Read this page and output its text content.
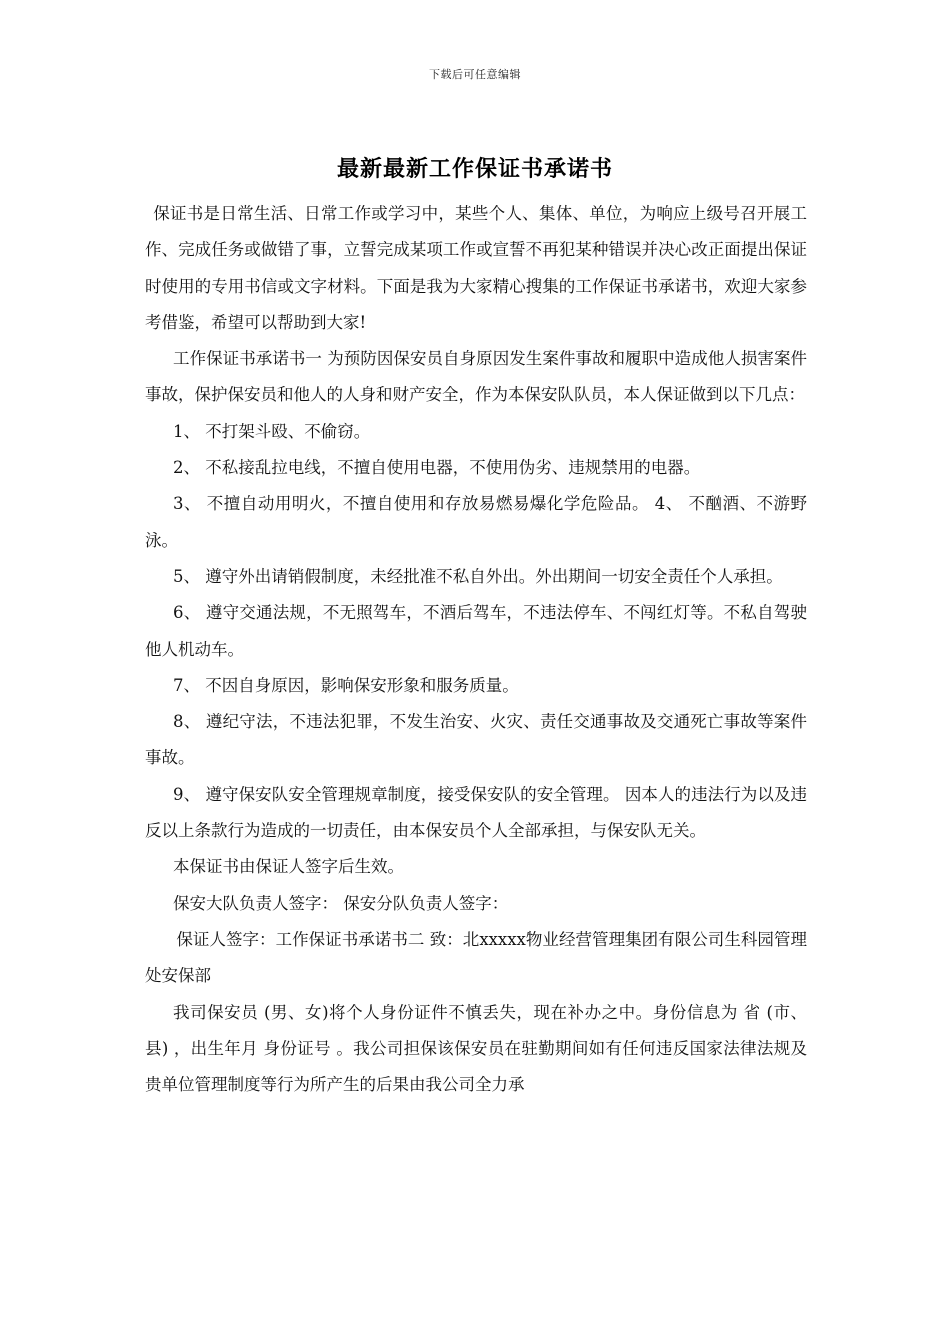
下载后可任意编辑
最新最新工作保证书承诺书

保证书是日常生活、日常工作或学习中，某些个人、集体、单位，为响应上级号召开展工作、完成任务或做错了事，立誓完成某项工作或宣誓不再犯某种错误并决心改正面提出保证时使用的专用书信或文字材料。下面是我为大家精心搜集的工作保证书承诺书，欢迎大家参考借鉴，希望可以帮助到大家!

工作保证书承诺书一 为预防因保安员自身原因发生案件事故和履职中造成他人损害案件事故，保护保安员和他人的人身和财产安全，作为本保安队队员，本人保证做到以下几点：

1、 不打架斗殴、不偷窃。

2、 不私接乱拉电线，不擅自使用电器，不使用伪劣、违规禁用的电器。

3、 不擅自动用明火，不擅自使用和存放易燃易爆化学危险品。 4、 不酗酒、不游野泳。

5、 遵守外出请销假制度，未经批准不私自外出。外出期间一切安全责任个人承担。

6、 遵守交通法规，不无照驾车，不酒后驾车，不违法停车、不闯红灯等。不私自驾驶他人机动车。

7、 不因自身原因，影响保安形象和服务质量。

8、 遵纪守法，不违法犯罪，不发生治安、火灾、责任交通事故及交通死亡事故等案件事故。

9、 遵守保安队安全管理规章制度，接受保安队的安全管理。 因本人的违法行为以及违反以上条款行为造成的一切责任，由本保安员个人全部承担，与保安队无关。

本保证书由保证人签字后生效。

保安大队负责人签字： 保安分队负责人签字：

保证人签字：工作保证书承诺书二 致：北xxxxx物业经营管理集团有限公司生科园管理处安保部

我司保安员 (男、女)将个人身份证件不慎丢失，现在补办之中。身份信息为 省 (市、县) ，出生年月 身份证号 。我公司担保该保安员在驻勤期间如有任何违反国家法律法规及贵单位管理制度等行为所产生的后果由我公司全力承
